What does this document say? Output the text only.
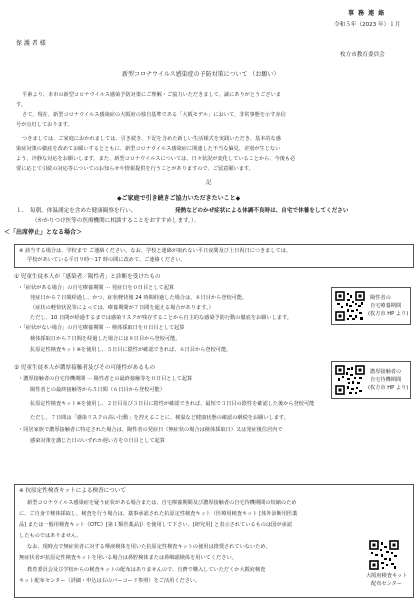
事 務 連 絡
令和５年（2023 年）１月
保 護 者 様
枚方市教育委員会
新型コロナウイルス感染症の予防対策について （お願い）
平素より、本市の新型コロナウイルス感染予防対策にご理解・ご協力いただきまして、誠にありがとうございま
す。
さて、現在、新型コロナウイルス感染症の大阪府の独自基準である「大阪モデル」において、非常事態を示す赤信
号が点灯しております。
つきましては、ご家庭におかれましては、引き続き、下記を含めた新しい生活様式を実践いただき、基本的な感
染症対策の徹底を改めてお願いするとともに、新型コロナウイルス感染症に関連した不当な偏見、差別が生じない
よう、冷静な対応をお願いします。また、新型コロナウイルスについては、日々状況が変化していることから、今後も必
要に応じて引続の対応等についてのお知らせや情報提供を行うことがありますので、ご留意願います。
記
◆ご家庭で引き続きご協力いただきたいこと◆
１、 毎朝、体温測定を含めた健康観察を行い、	発熱などのかぜ症状による体調不良時は、自宅で休養をしてください
（かかりつけ医等の医療機関に相談することをおすすめします。）。
＜「出席停止」となる場合＞
※ 該当する場合は、学校まで ご連絡ください。なお、学校と連絡が取れない平日夜間及び土日祝日につきましては、
学校があいている平日９時～17 時の間に改めて、ご連絡ください。
① 児童生徒本人が「感染者／陽性者」と診断を受けたもの
・「症状がある場合」の自宅療養期間 ··· 発症日を０日目として起算
発症日から７日間経過し、かつ、症状軽快後 24 時間経過した場合は、８日目から登校可能。
（症状の軽快状況等によっては、療養期間が７日間を超える場合があります。）
ただし、10 日間が経過するまでは感染リスクが残存することから自主的な感染予防行動の徹底をお願いします。
・「症状がない場合」の自宅療養期間 ··· 検体採取日を０日目として起算
検体採取日から７日間を経過した場合には８日目から登校可能。
抗原定性検査キット※を使用し、５日目に陰性が確認できれば、６日目から登校可能。
陽性者の
自宅療養期間
(枚方市 HP より)
② 児童生徒本人が濃厚接触者及びその可能性があるもの
・濃厚接触者の自宅待機期間 ··· 陽性者との最終接触等を０日目として起算
陽性者との最終接触等から５日間（６日目から登校可能）
抗原定性検査キット※を使用し、２日目及び３日目に陰性が確認できれば、最短で３日目の陰性を確認した後から登校可能
ただし、７日間は「感染リスクの高い行動」を控えることに、検温など健康状態の確認の継続をお願いします。
・同居家族で濃厚接触者に特定された場合は、陽性者の発症日（無症状の場合は検体採取日）又は発症後住居内で
感染対策を講じた日のいずれか遅い方を０日目として起算
濃厚接触者の
自宅待機期間
(枚方市 HP より)
※ 抗原定性検査キットによる検査について
新型コロナウイルス感染症を疑う症状がある場合または、自宅療養期間及び濃厚接触者の自宅待機期間の短縮のため
に、ご自身で検体採取し、検査を行う場合は、薬事承認された抗原定性検査キット（医療用検査キット [体外診断用医薬
品] または一般用検査キット《OTC》[第１類医薬品]）を使用して下さい。[研究用] と表示されているものは国が承認
したものではありません。
なお、現時点で無症状者に対する唾液検体を用いた抗原定性検査キットの使用は推奨されていないため、
無症状者が抗原定性検査キットを用いる場合は鼻腔検体または鼻咽頭検体を用いてください。
教育委員会及び学校からの検査キットの配布はありませんので、自費で購入していただくか大阪府検査
キット配布センター（詳細・申込は右のバーコード参照）をご活用ください。
大阪府検査キット
配布センター
